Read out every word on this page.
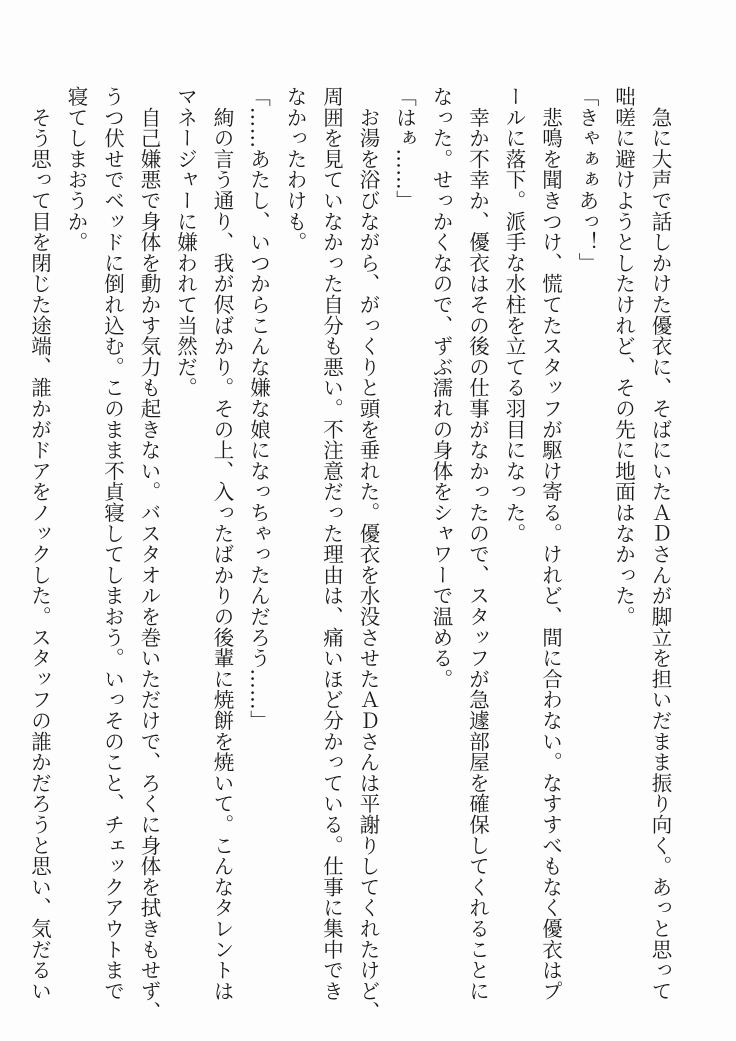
　急に大声で話しかけた優衣に、そばにいたＡＤさんが脚立を担いだまま振り向く。あっと思って
咄嗟に避けようとしたけれど、その先に地面はなかった。
「きゃぁぁあっ！」
　悲鳴を聞きつけ、慌てたスタッフが駆け寄る。けれど、間に合わない。なすすべもなく優衣はプ
ールに落下。派手な水柱を立てる羽目になった。
　幸か不幸か、優衣はその後の仕事がなかったので、スタッフが急遽部屋を確保してくれることに
なった。せっかくなので、ずぶ濡れの身体をシャワーで温める。
「はぁ……」
　お湯を浴びながら、がっくりと頭を垂れた。優衣を水没させたＡＤさんは平謝りしてくれたけど、
周囲を見ていなかった自分も悪い。不注意だった理由は、痛いほど分かっている。仕事に集中でき
なかったわけも。
「……あたし、いつからこんな嫌な娘になっちゃったんだろう……」
　絢の言う通り、我が侭ばかり。その上、入ったばかりの後輩に焼餅を焼いて。こんなタレントは
マネージャーに嫌われて当然だ。
　自己嫌悪で身体を動かす気力も起きない。バスタオルを巻いただけで、ろくに身体を拭きもせず、
うつ伏せでベッドに倒れ込む。このまま不貞寝してしまおう。いっそのこと、チェックアウトまで
寝てしまおうか。
　そう思って目を閉じた途端、誰かがドアをノックした。スタッフの誰かだろうと思い、気だるい
